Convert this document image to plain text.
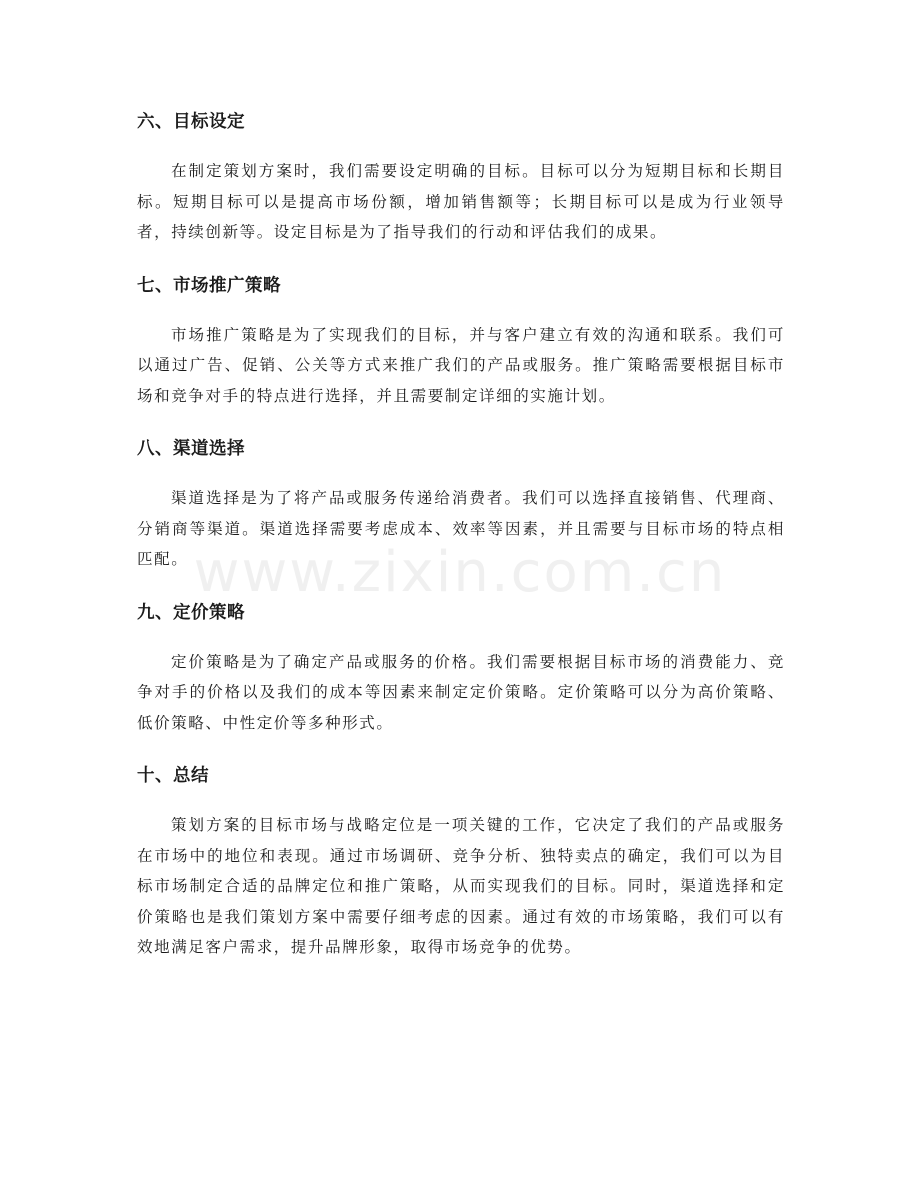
六、目标设定

在制定策划方案时，我们需要设定明确的目标。目标可以分为短期目标和长期目标。短期目标可以是提高市场份额，增加销售额等；长期目标可以是成为行业领导者，持续创新等。设定目标是为了指导我们的行动和评估我们的成果。

七、市场推广策略

市场推广策略是为了实现我们的目标，并与客户建立有效的沟通和联系。我们可以通过广告、促销、公关等方式来推广我们的产品或服务。推广策略需要根据目标市场和竞争对手的特点进行选择，并且需要制定详细的实施计划。

八、渠道选择

渠道选择是为了将产品或服务传递给消费者。我们可以选择直接销售、代理商、分销商等渠道。渠道选择需要考虑成本、效率等因素，并且需要与目标市场的特点相匹配。

九、定价策略

定价策略是为了确定产品或服务的价格。我们需要根据目标市场的消费能力、竞争对手的价格以及我们的成本等因素来制定定价策略。定价策略可以分为高价策略、低价策略、中性定价等多种形式。

十、总结

策划方案的目标市场与战略定位是一项关键的工作，它决定了我们的产品或服务在市场中的地位和表现。通过市场调研、竞争分析、独特卖点的确定，我们可以为目标市场制定合适的品牌定位和推广策略，从而实现我们的目标。同时，渠道选择和定价策略也是我们策划方案中需要仔细考虑的因素。通过有效的市场策略，我们可以有效地满足客户需求，提升品牌形象，取得市场竞争的优势。

www.zixin.com.cn
